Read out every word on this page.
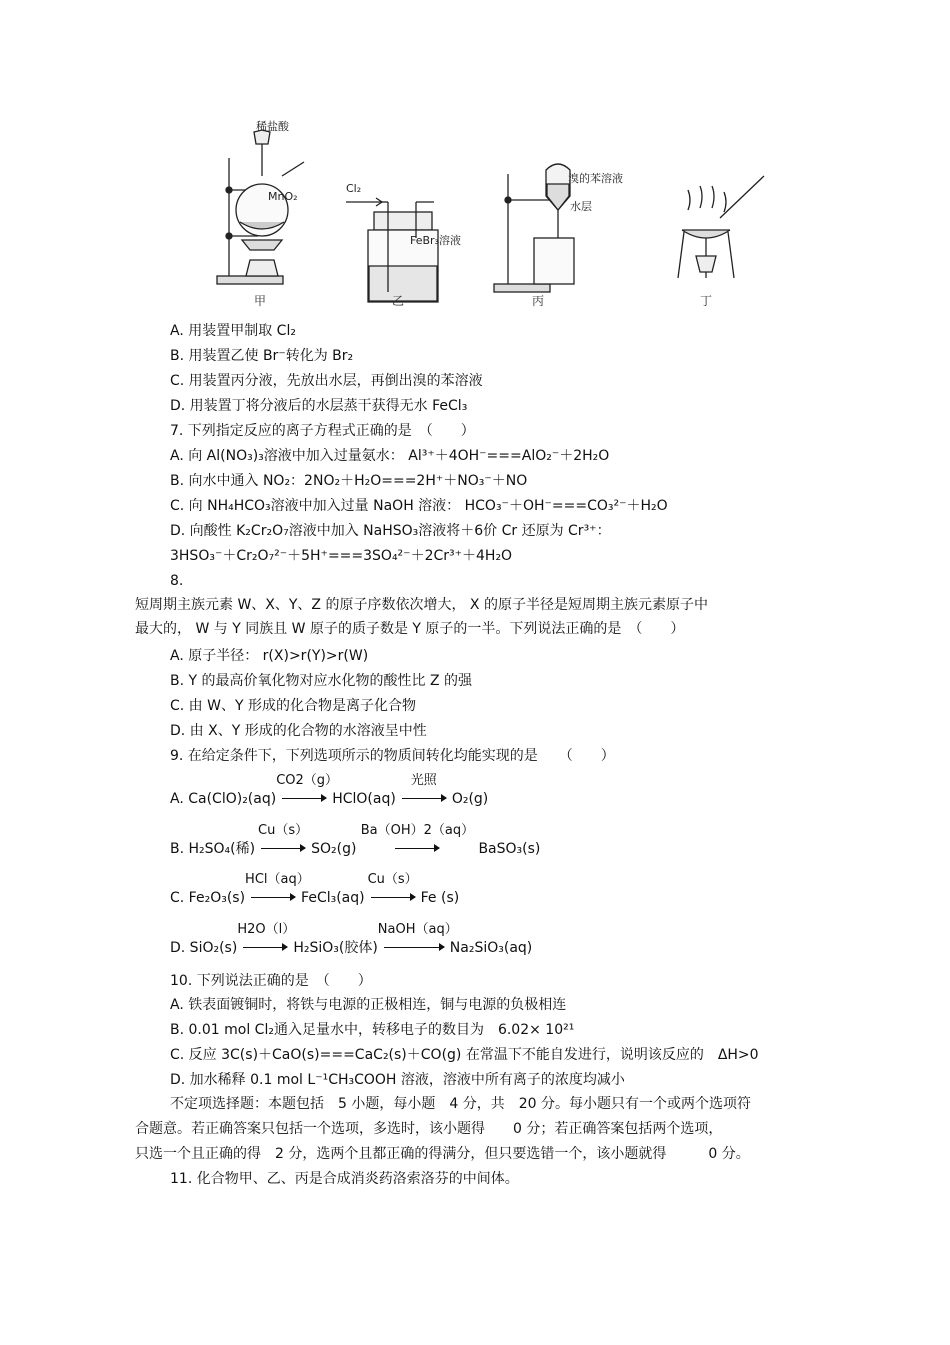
稀盐酸
MnO₂
Cl₂
FeBr₃溶液
溴的苯溶液
水层
甲	乙	丙	丁
A. 用装置甲制取 Cl₂
B. 用装置乙使 Br⁻转化为 Br₂
C. 用装置丙分液，先放出水层，再倒出溴的苯溶液
D. 用装置丁将分液后的水层蒸干获得无水 FeCl₃
7. 下列指定反应的离子方程式正确的是　（　　）
A. 向 Al(NO₃)₃溶液中加入过量氨水： Al³⁺＋4OH⁻===AlO₂⁻＋2H₂O
B. 向水中通入 NO₂：2NO₂＋H₂O===2H⁺＋NO₃⁻＋NO
C. 向 NH₄HCO₃溶液中加入过量 NaOH 溶液： HCO₃⁻＋OH⁻===CO₃²⁻＋H₂O
D. 向酸性 K₂Cr₂O₇溶液中加入 NaHSO₃溶液将＋6价 Cr 还原为 Cr³⁺：
3HSO₃⁻＋Cr₂O₇²⁻＋5H⁺===3SO₄²⁻＋2Cr³⁺＋4H₂O
8.
短周期主族元素 W、X、Y、Z 的原子序数依次增大， X 的原子半径是短周期主族元素原子中
最大的， W 与 Y 同族且 W 原子的质子数是 Y 原子的一半。下列说法正确的是　（　　）
A. 原子半径： r(X)>r(Y)>r(W)
B. Y 的最高价氧化物对应水化物的酸性比 Z 的强
C. 由 W、Y 形成的化合物是离子化合物
D. 由 X、Y 形成的化合物的水溶液呈中性
9. 在给定条件下，下列选项所示的物质间转化均能实现的是　　（　　）
A. Ca(ClO)₂(aq)
CO2（g）
HClO(aq)
光照
O₂(g)
B. H₂SO₄(稀)
Cu（s）
SO₂(g)
Ba（OH）2（aq）
BaSO₃(s)
C. Fe₂O₃(s)
HCl（aq）
FeCl₃(aq)
Cu（s）
Fe (s)
D. SiO₂(s)
H2O（l）
H₂SiO₃(胶体)
NaOH（aq）
Na₂SiO₃(aq)
10. 下列说法正确的是　（　　）
A. 铁表面镀铜时，将铁与电源的正极相连，铜与电源的负极相连
B. 0.01 mol Cl₂通入足量水中，转移电子的数目为　6.02× 10²¹
C. 反应 3C(s)＋CaO(s)===CaC₂(s)＋CO(g) 在常温下不能自发进行，说明该反应的　ΔH>0
D. 加水稀释 0.1 mol L⁻¹CH₃COOH 溶液，溶液中所有离子的浓度均减小
不定项选择题：本题包括　5 小题，每小题　4 分，共　20 分。每小题只有一个或两个选项符
合题意。若正确答案只包括一个选项，多选时，该小题得　　0 分；若正确答案包括两个选项，
只选一个且正确的得　2 分，选两个且都正确的得满分，但只要选错一个，该小题就得　　　0 分。
11. 化合物甲、乙、丙是合成消炎药洛索洛芬的中间体。
